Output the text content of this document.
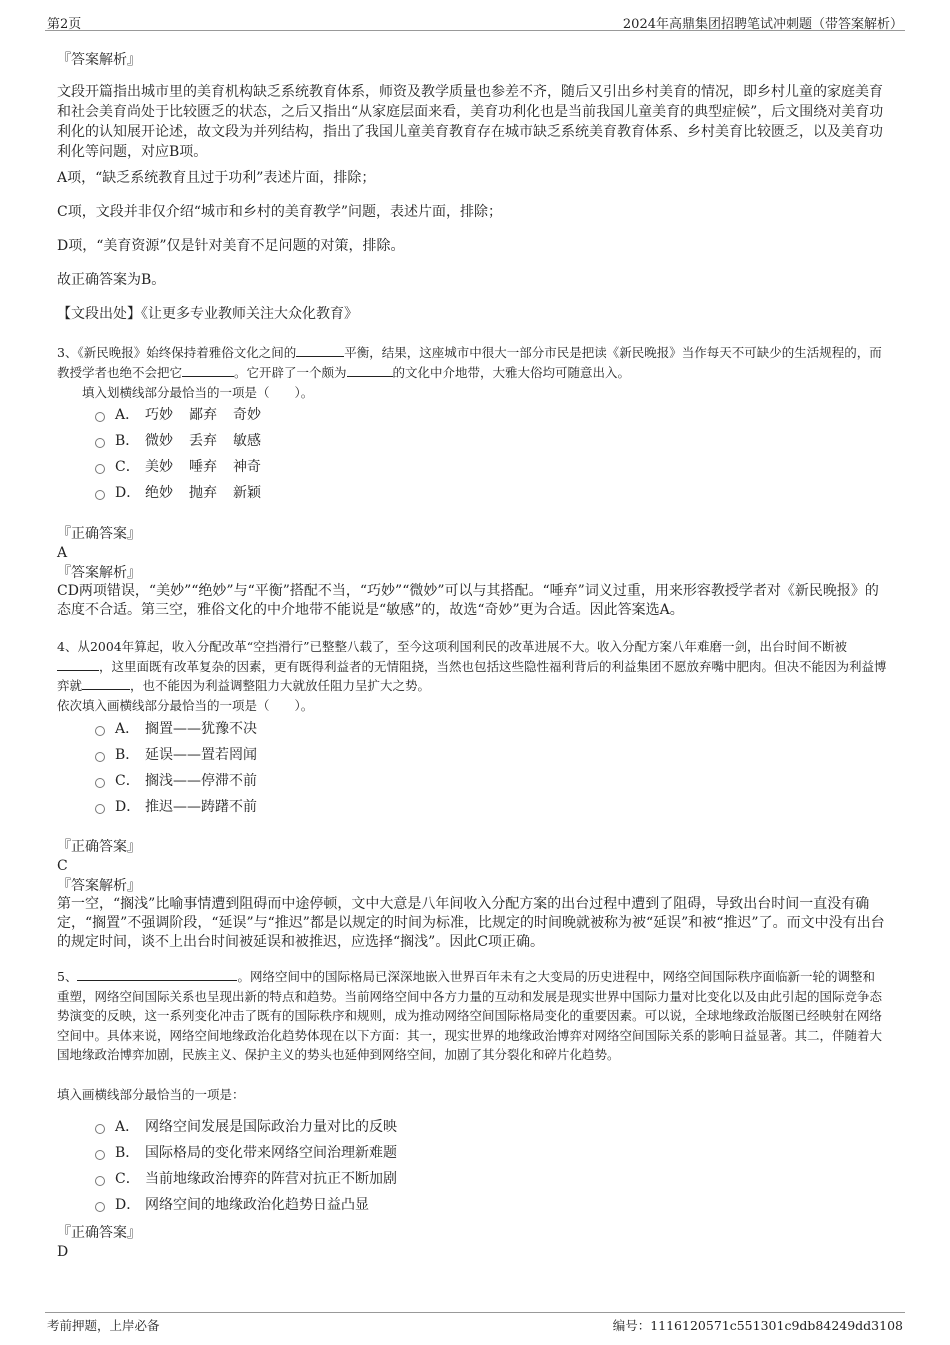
第2页	2024年高鼎集团招聘笔试冲刺题（带答案解析）
『答案解析』
文段开篇指出城市里的美育机构缺乏系统教育体系，师资及教学质量也参差不齐，随后又引出乡村美育的情况，即乡村儿童的家庭美育和社会美育尚处于比较匮乏的状态，之后又指出“从家庭层面来看，美育功利化也是当前我国儿童美育的典型症候”，后文围绕对美育功利化的认知展开论述，故文段为并列结构，指出了我国儿童美育教育存在城市缺乏系统美育教育体系、乡村美育比较匮乏，以及美育功利化等问题，对应B项。
A项，“缺乏系统教育且过于功利”表述片面，排除；
C项，文段并非仅介绍“城市和乡村的美育教学”问题，表述片面，排除；
D项，“美育资源”仅是针对美育不足问题的对策，排除。
故正确答案为B。
【文段出处】《让更多专业教师关注大众化教育》
3、《新民晚报》始终保持着雅俗文化之间的	平衡，结果，这座城市中很大一部分市民是把读《新民晚报》当作每天不可缺少的生活规程的，而教授学者也绝不会把它	。它开辟了一个颇为	的文化中介地带，大雅大俗均可随意出入。
填入划横线部分最恰当的一项是（　　）。
A． 巧妙 鄙弃 奇妙
B． 微妙 丢弃 敏感
C． 美妙 唾弃 神奇
D． 绝妙 抛弃 新颖
『正确答案』
A
『答案解析』
CD两项错误，“美妙”“绝妙”与“平衡”搭配不当，“巧妙”“微妙”可以与其搭配。“唾弃”词义过重，用来形容教授学者对《新民晚报》的态度不合适。第三空，雅俗文化的中介地带不能说是“敏感”的，故选“奇妙”更为合适。因此答案选A。
4、从2004年算起，收入分配改革“空挡滑行”已整整八载了，至今这项利国利民的改革进展不大。收入分配方案八年难磨一剑，出台时间不断被，这里面既有改革复杂的因素，更有既得利益者的无情阻挠，当然也包括这些隐性福利背后的利益集团不愿放弃嘴中肥肉。但决不能因为利益博弈就	，也不能因为利益调整阻力大就放任阻力呈扩大之势。
依次填入画横线部分最恰当的一项是（　　）。
A． 搁置——犹豫不决
B． 延误——置若罔闻
C． 搁浅——停滞不前
D． 推迟——踌躇不前
『正确答案』
C
『答案解析』
第一空，“搁浅”比喻事情遭到阻碍而中途停顿，文中大意是八年间收入分配方案的出台过程中遭到了阻碍，导致出台时间一直没有确定，“搁置”不强调阶段，“延误”与“推迟”都是以规定的时间为标准，比规定的时间晚就被称为被“延误”和被“推迟”了。而文中没有出台的规定时间，谈不上出台时间被延误和被推迟，应选择“搁浅”。因此C项正确。
5、	。网络空间中的国际格局已深深地嵌入世界百年未有之大变局的历史进程中，网络空间国际秩序面临新一轮的调整和重塑，网络空间国际关系也呈现出新的特点和趋势。当前网络空间中各方力量的互动和发展是现实世界中国际力量对比变化以及由此引起的国际竞争态势演变的反映，这一系列变化冲击了既有的国际秩序和规则，成为推动网络空间国际格局变化的重要因素。可以说，全球地缘政治版图已经映射在网络空间中。具体来说，网络空间地缘政治化趋势体现在以下方面：其一，现实世界的地缘政治博弈对网络空间国际关系的影响日益显著。其二，伴随着大国地缘政治博弈加剧，民族主义、保护主义的势头也延伸到网络空间，加剧了其分裂化和碎片化趋势。
填入画横线部分最恰当的一项是：
A． 网络空间发展是国际政治力量对比的反映
B． 国际格局的变化带来网络空间治理新难题
C． 当前地缘政治博弈的阵营对抗正不断加剧
D． 网络空间的地缘政治化趋势日益凸显
『正确答案』
D
考前押题，上岸必备	编号：1116120571c551301c9db84249dd3108
